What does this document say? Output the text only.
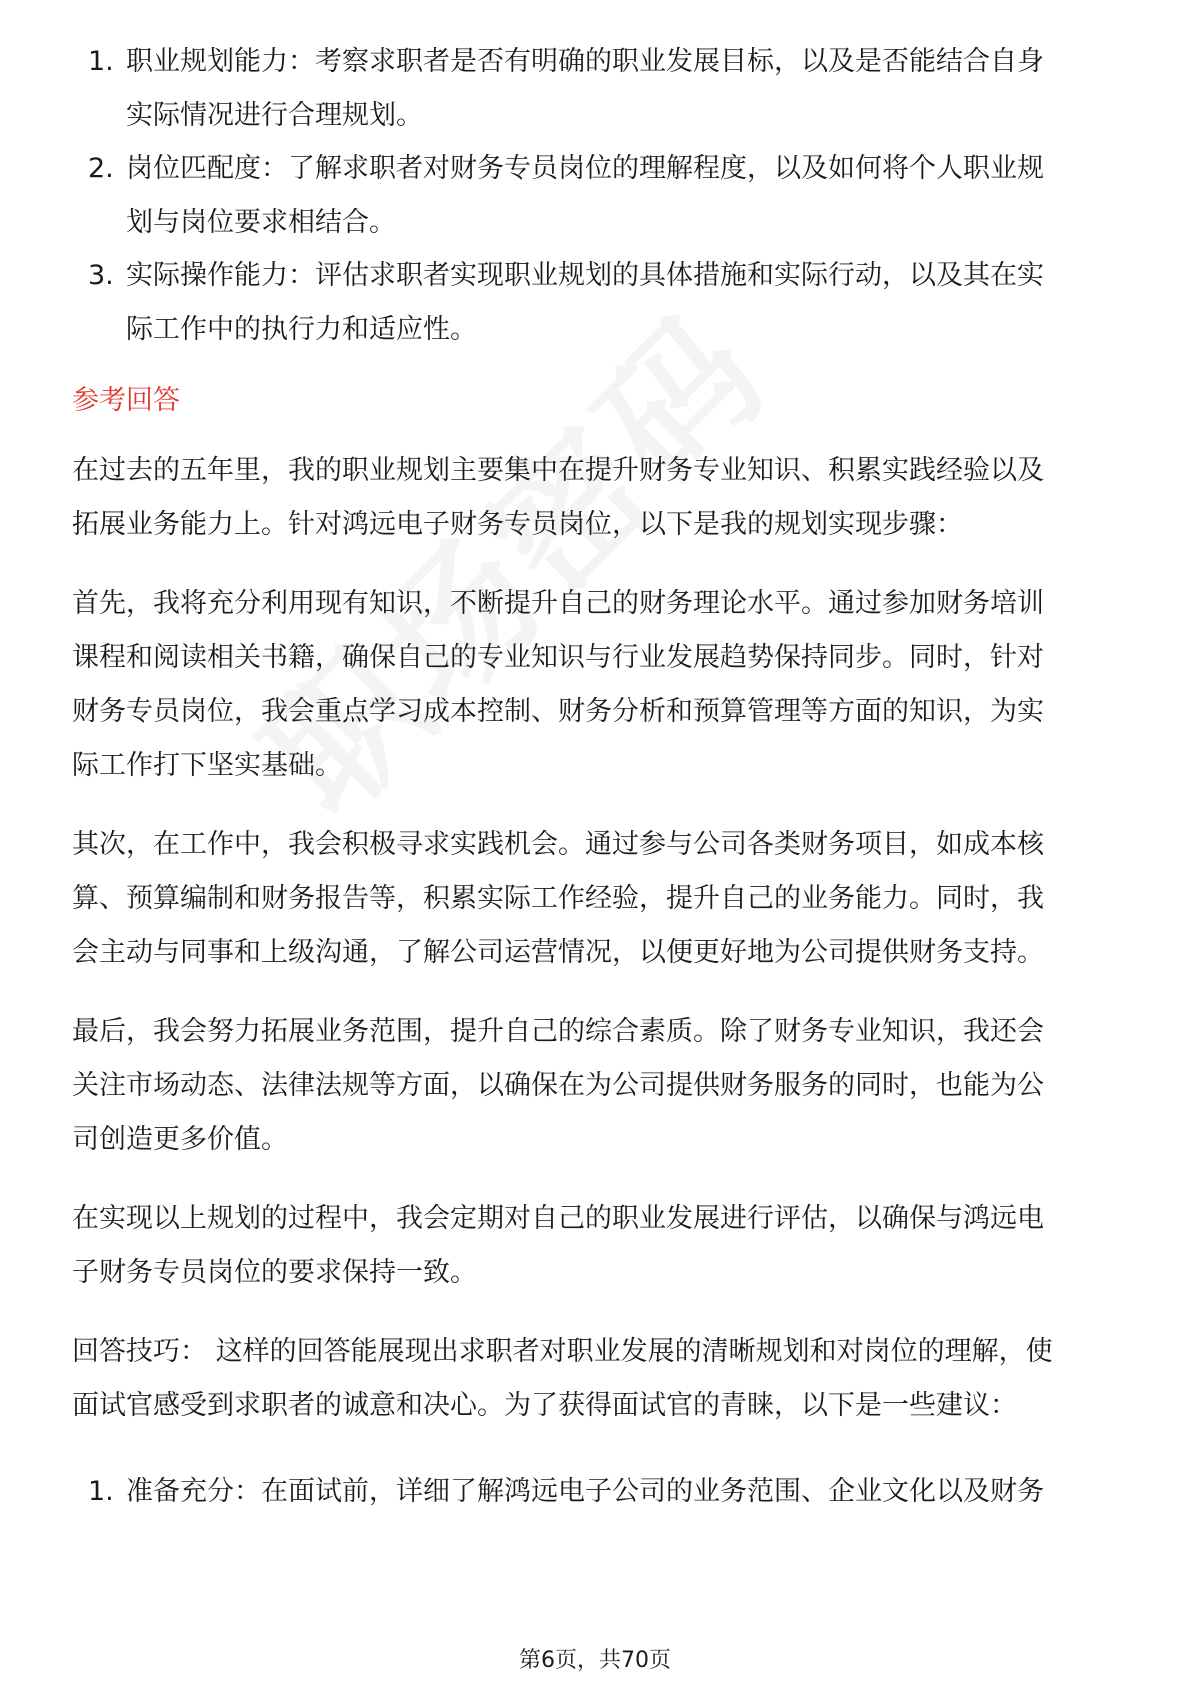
1. 职业规划能力：考察求职者是否有明确的职业发展目标，以及是否能结合自身
实际情况进行合理规划。
2. 岗位匹配度：了解求职者对财务专员岗位的理解程度，以及如何将个人职业规
划与岗位要求相结合。
3. 实际操作能力：评估求职者实现职业规划的具体措施和实际行动，以及其在实
际工作中的执行力和适应性。
参考回答
在过去的五年里，我的职业规划主要集中在提升财务专业知识、积累实践经验以及
拓展业务能力上。针对鸿远电子财务专员岗位，以下是我的规划实现步骤：
首先，我将充分利用现有知识，不断提升自己的财务理论水平。通过参加财务培训
课程和阅读相关书籍，确保自己的专业知识与行业发展趋势保持同步。同时，针对
财务专员岗位，我会重点学习成本控制、财务分析和预算管理等方面的知识，为实
际工作打下坚实基础。
其次，在工作中，我会积极寻求实践机会。通过参与公司各类财务项目，如成本核
算、预算编制和财务报告等，积累实际工作经验，提升自己的业务能力。同时，我
会主动与同事和上级沟通，了解公司运营情况，以便更好地为公司提供财务支持。
最后，我会努力拓展业务范围，提升自己的综合素质。除了财务专业知识，我还会
关注市场动态、法律法规等方面，以确保在为公司提供财务服务的同时，也能为公
司创造更多价值。
在实现以上规划的过程中，我会定期对自己的职业发展进行评估，以确保与鸿远电
子财务专员岗位的要求保持一致。
回答技巧： 这样的回答能展现出求职者对职业发展的清晰规划和对岗位的理解，使
面试官感受到求职者的诚意和决心。为了获得面试官的青睐，以下是一些建议：
1. 准备充分：在面试前，详细了解鸿远电子公司的业务范围、企业文化以及财务
第6页，共70页
